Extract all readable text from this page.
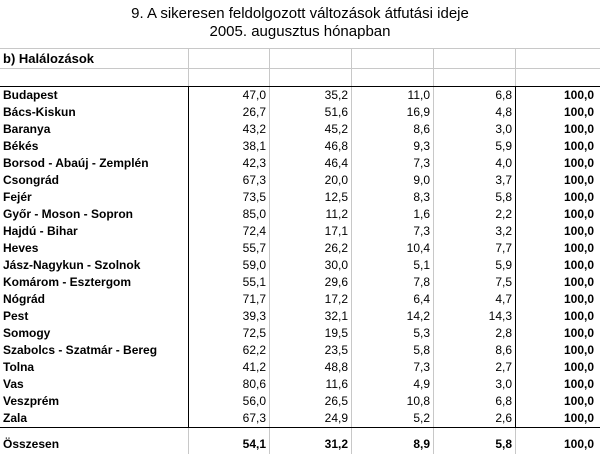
9. A sikeresen feldolgozott változások átfutási ideje
2005. augusztus hónapban
b) Halálozások
Budapest	47,0	35,2	11,0	6,8	100,0
Bács-Kiskun	26,7	51,6	16,9	4,8	100,0
Baranya	43,2	45,2	8,6	3,0	100,0
Békés	38,1	46,8	9,3	5,9	100,0
Borsod - Abaúj - Zemplén	42,3	46,4	7,3	4,0	100,0
Csongrád	67,3	20,0	9,0	3,7	100,0
Fejér	73,5	12,5	8,3	5,8	100,0
Győr - Moson - Sopron	85,0	11,2	1,6	2,2	100,0
Hajdú - Bihar	72,4	17,1	7,3	3,2	100,0
Heves	55,7	26,2	10,4	7,7	100,0
Jász-Nagykun - Szolnok	59,0	30,0	5,1	5,9	100,0
Komárom - Esztergom	55,1	29,6	7,8	7,5	100,0
Nógrád	71,7	17,2	6,4	4,7	100,0
Pest	39,3	32,1	14,2	14,3	100,0
Somogy	72,5	19,5	5,3	2,8	100,0
Szabolcs - Szatmár - Bereg	62,2	23,5	5,8	8,6	100,0
Tolna	41,2	48,8	7,3	2,7	100,0
Vas	80,6	11,6	4,9	3,0	100,0
Veszprém	56,0	26,5	10,8	6,8	100,0
Zala	67,3	24,9	5,2	2,6	100,0
Összesen	54,1	31,2	8,9	5,8	100,0
